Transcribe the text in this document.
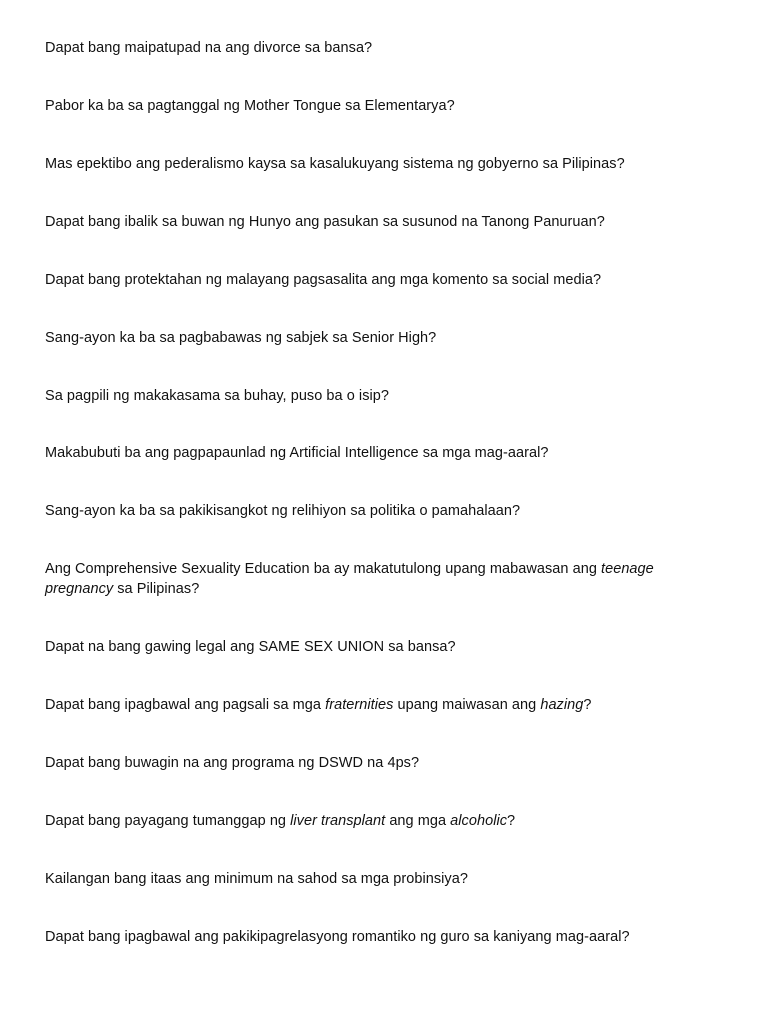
Dapat bang maipatupad na ang divorce sa bansa?

Pabor ka ba sa pagtanggal ng Mother Tongue sa Elementarya?

Mas epektibo ang pederalismo kaysa sa kasalukuyang sistema ng gobyerno sa Pilipinas?

Dapat bang ibalik sa buwan ng Hunyo ang pasukan sa susunod na Tanong Panuruan?

Dapat bang protektahan ng malayang pagsasalita ang mga komento sa social media?

Sang-ayon ka ba sa pagbabawas ng sabjek sa Senior High?

Sa pagpili ng makakasama sa buhay, puso ba o isip?

Makabubuti ba ang pagpapaunlad ng Artificial Intelligence sa mga mag-aaral?

Sang-ayon ka ba sa pakikisangkot ng relihiyon sa politika o pamahalaan?

Ang Comprehensive Sexuality Education ba ay makatutulong upang mabawasan ang teenage pregnancy sa Pilipinas?

Dapat na bang gawing legal ang SAME SEX UNION sa bansa?

Dapat bang ipagbawal ang pagsali sa mga fraternities upang maiwasan ang hazing?

Dapat bang buwagin na ang programa ng DSWD na 4ps?

Dapat bang payagang tumanggap ng liver transplant ang mga alcoholic?

Kailangan bang itaas ang minimum na sahod sa mga probinsiya?

Dapat bang ipagbawal ang pakikipagrelasyong romantiko ng guro sa kaniyang mag-aaral?
